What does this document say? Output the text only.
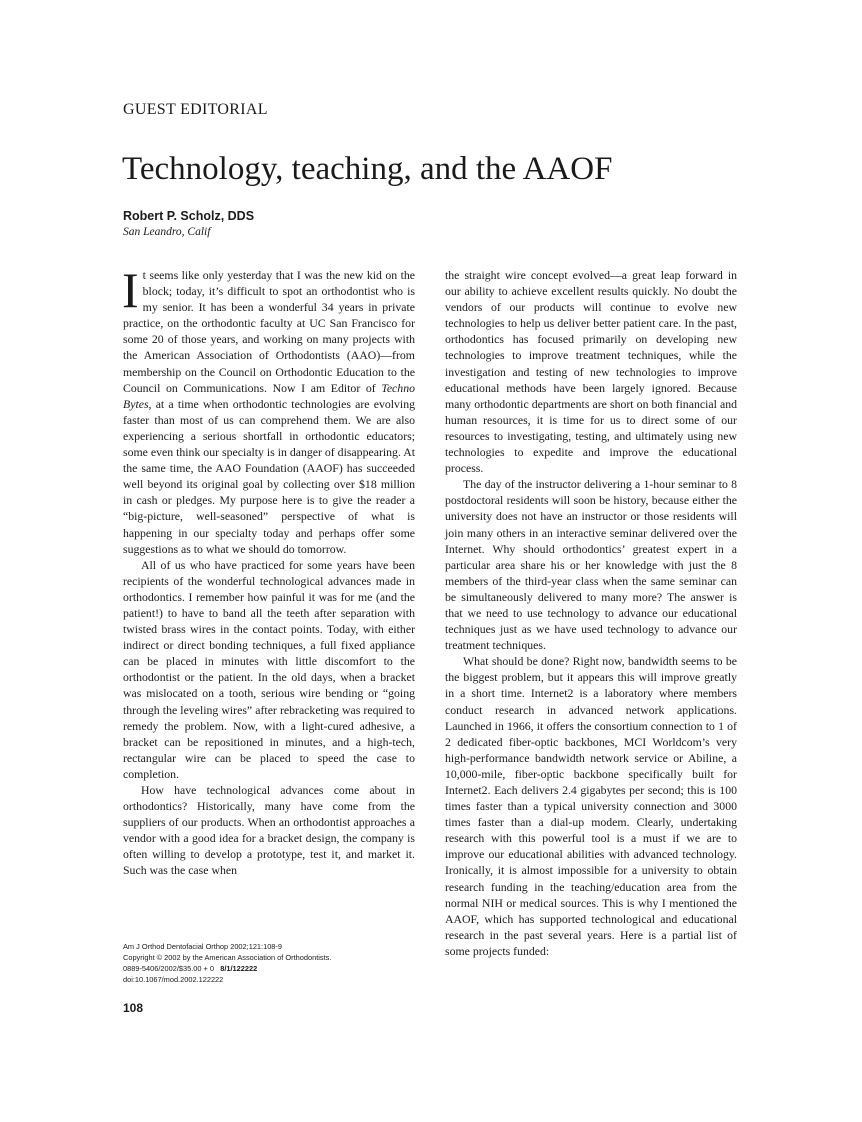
GUEST EDITORIAL
Technology, teaching, and the AAOF
Robert P. Scholz, DDS
San Leandro, Calif

It seems like only yesterday that I was the new kid on the block; today, it’s difficult to spot an orthodontist who is my senior. It has been a wonderful 34 years in private practice, on the orthodontic faculty at UC San Francisco for some 20 of those years, and working on many projects with the American Association of Orthodontists (AAO)—from membership on the Council on Orthodontic Education to the Council on Communications. Now I am Editor of Techno Bytes, at a time when orthodontic technologies are evolving faster than most of us can comprehend them. We are also experiencing a serious shortfall in orthodontic educators; some even think our specialty is in danger of disappearing. At the same time, the AAO Foundation (AAOF) has succeeded well beyond its original goal by collecting over $18 million in cash or pledges. My purpose here is to give the reader a “big-picture, well-seasoned” perspective of what is happening in our specialty today and perhaps offer some suggestions as to what we should do tomorrow.

All of us who have practiced for some years have been recipients of the wonderful technological advances made in orthodontics. I remember how painful it was for me (and the patient!) to have to band all the teeth after separation with twisted brass wires in the contact points. Today, with either indirect or direct bonding techniques, a full fixed appliance can be placed in minutes with little discomfort to the orthodontist or the patient. In the old days, when a bracket was mislocated on a tooth, serious wire bending or “going through the leveling wires” after rebracketing was required to remedy the problem. Now, with a light-cured adhesive, a bracket can be repositioned in minutes, and a high-tech, rectangular wire can be placed to speed the case to completion.

How have technological advances come about in orthodontics? Historically, many have come from the suppliers of our products. When an orthodontist approaches a vendor with a good idea for a bracket design, the company is often willing to develop a prototype, test it, and market it. Such was the case when

the straight wire concept evolved—a great leap forward in our ability to achieve excellent results quickly. No doubt the vendors of our products will continue to evolve new technologies to help us deliver better patient care. In the past, orthodontics has focused primarily on developing new technologies to improve treatment techniques, while the investigation and testing of new technologies to improve educational methods have been largely ignored. Because many orthodontic departments are short on both financial and human resources, it is time for us to direct some of our resources to investigating, testing, and ultimately using new technologies to expedite and improve the educational process.

The day of the instructor delivering a 1-hour seminar to 8 postdoctoral residents will soon be history, because either the university does not have an instructor or those residents will join many others in an interactive seminar delivered over the Internet. Why should orthodontics’ greatest expert in a particular area share his or her knowledge with just the 8 members of the third-year class when the same seminar can be simultaneously delivered to many more? The answer is that we need to use technology to advance our educational techniques just as we have used technology to advance our treatment techniques.

What should be done? Right now, bandwidth seems to be the biggest problem, but it appears this will improve greatly in a short time. Internet2 is a laboratory where members conduct research in advanced network applications. Launched in 1966, it offers the consortium connection to 1 of 2 dedicated fiber-optic backbones, MCI Worldcom’s very high-performance bandwidth network service or Abiline, a 10,000-mile, fiber-optic backbone specifically built for Internet2. Each delivers 2.4 gigabytes per second; this is 100 times faster than a typical university connection and 3000 times faster than a dial-up modem. Clearly, undertaking research with this powerful tool is a must if we are to improve our educational abilities with advanced technology. Ironically, it is almost impossible for a university to obtain research funding in the teaching/education area from the normal NIH or medical sources. This is why I mentioned the AAOF, which has supported technological and educational research in the past several years. Here is a partial list of some projects funded:

Am J Orthod Dentofacial Orthop 2002;121:108-9
Copyright © 2002 by the American Association of Orthodontists.
0889-5406/2002/$35.00 + 0 8/1/122222
doi:10.1067/mod.2002.122222
108
